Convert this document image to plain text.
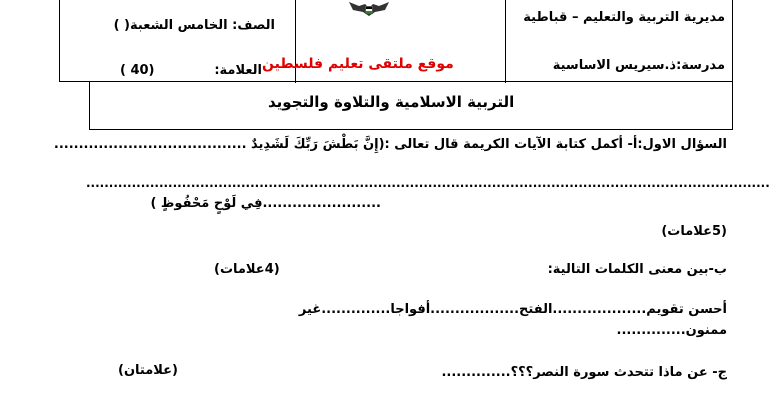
مديرية التربية والتعليم – قباطية
مدرسة:ذ.سيريس الاساسية
موقع ملتقى تعليم فلسطين
الصف: الخامس الشعبة( )
العلامة:
( 40)
التربية الاسلامية والتلاوة والتجويد
السؤال الاول:أ- أكمل كتابة الآيات الكريمة قال تعالى :(إِنَّ بَطْشَ رَبِّكَ لَشَدِيدٌ .......................................
......................................................................................................................................................
........................فِي لَوْحٍ مَحْفُوظٍ )
(5علامات)
ب-بين معنى الكلمات التالية:
(4علامات)
أحسن تقويم...................الفتح..................أفواجا..............غير
ممنون..............
ج- عن ماذا تتحدث سورة النصر؟؟؟..............
(علامتان)
